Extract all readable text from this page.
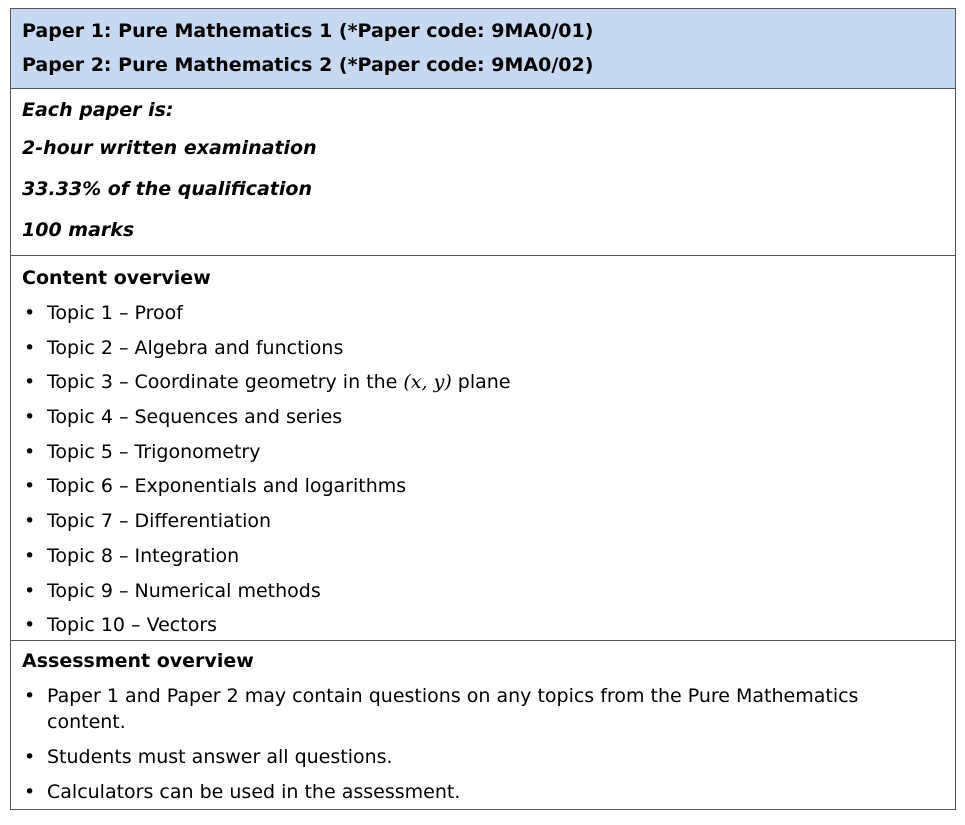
Paper 1: Pure Mathematics 1 (*Paper code: 9MA0/01)
Paper 2: Pure Mathematics 2 (*Paper code: 9MA0/02)
Each paper is:
2-hour written examination
33.33% of the qualification
100 marks
Content overview
• Topic 1 – Proof
• Topic 2 – Algebra and functions
• Topic 3 – Coordinate geometry in the (x, y) plane
• Topic 4 – Sequences and series
• Topic 5 – Trigonometry
• Topic 6 – Exponentials and logarithms
• Topic 7 – Differentiation
• Topic 8 – Integration
• Topic 9 – Numerical methods
• Topic 10 – Vectors
Assessment overview
• Paper 1 and Paper 2 may contain questions on any topics from the Pure Mathematics content.
• Students must answer all questions.
• Calculators can be used in the assessment.
